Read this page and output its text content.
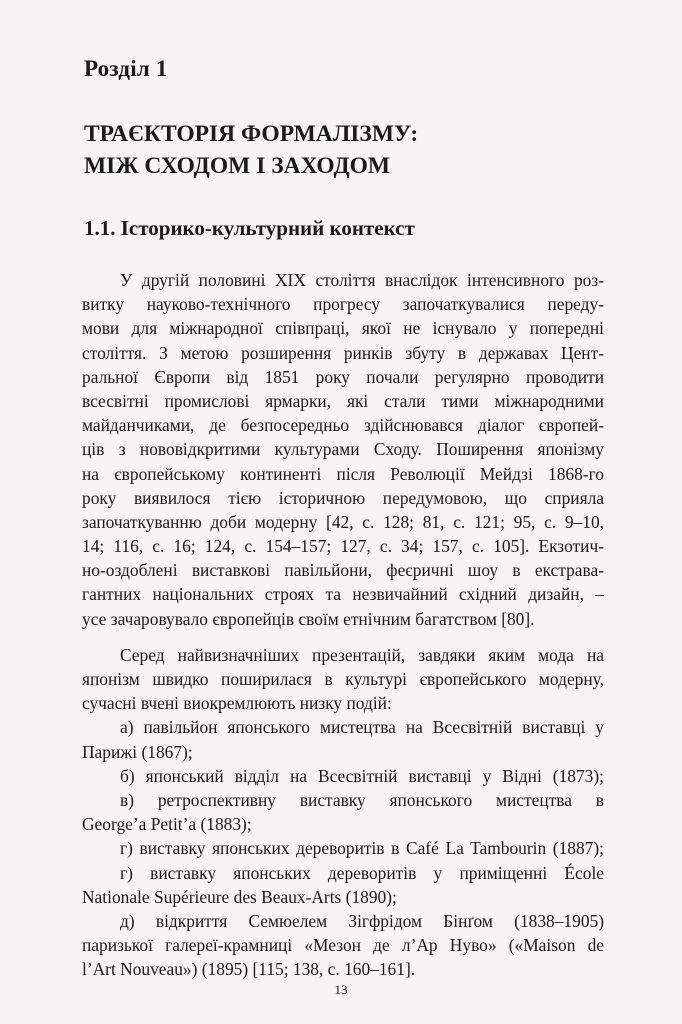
Розділ 1
ТРАЄКТОРІЯ ФОРМАЛІЗМУ:
МІЖ СХОДОМ І ЗАХОДОМ
1.1. Історико-культурний контекст
У другій половині ХІХ століття внаслідок інтенсивного роз-
витку науково-технічного прогресу започаткувалися переду-
мови для міжнародної співпраці, якої не існувало у попередні
століття. З метою розширення ринків збуту в державах Цент-
ральної Європи від 1851 року почали регулярно проводити
всесвітні промислові ярмарки, які стали тими міжнародними
майданчиками, де безпосередньо здійснювався діалог європей-
ців з нововідкритими культурами Сходу. Поширення японізму
на європейському континенті після Революції Мейдзі 1868-го
року виявилося тією історичною передумовою, що сприяла
започаткуванню доби модерну [42, с. 128; 81, с. 121; 95, с. 9–10,
14; 116, с. 16; 124, с. 154–157; 127, с. 34; 157, с. 105]. Екзотич-
но-оздоблені виставкові павільйони, феєричні шоу в екстрава-
гантних національних строях та незвичайний східний дизайн, –
усе зачаровувало європейців своїм етнічним багатством [80].
Серед найвизначніших презентацій, завдяки яким мода на
японізм швидко поширилася в культурі європейського модерну,
сучасні вчені виокремлюють низку подій:
а) павільйон японського мистецтва на Всесвітній виставці у
Парижі (1867);
б) японський відділ на Всесвітній виставці у Відні (1873);
в) ретроспективну виставку японського мистецтва в
George’a Petit’a (1883);
г) виставку японських дереворитів в Café La Tambourin (1887);
г) виставку японських дереворитів у приміщенні École
Nationale Supérieure des Beaux-Arts (1890);
д) відкриття Семюелем Зігфрідом Бінґом (1838–1905)
паризької галереї-крамниці «Мезон де л’Ар Нуво» («Maison de
l’Art Nouveau») (1895) [115; 138, с. 160–161].
13
